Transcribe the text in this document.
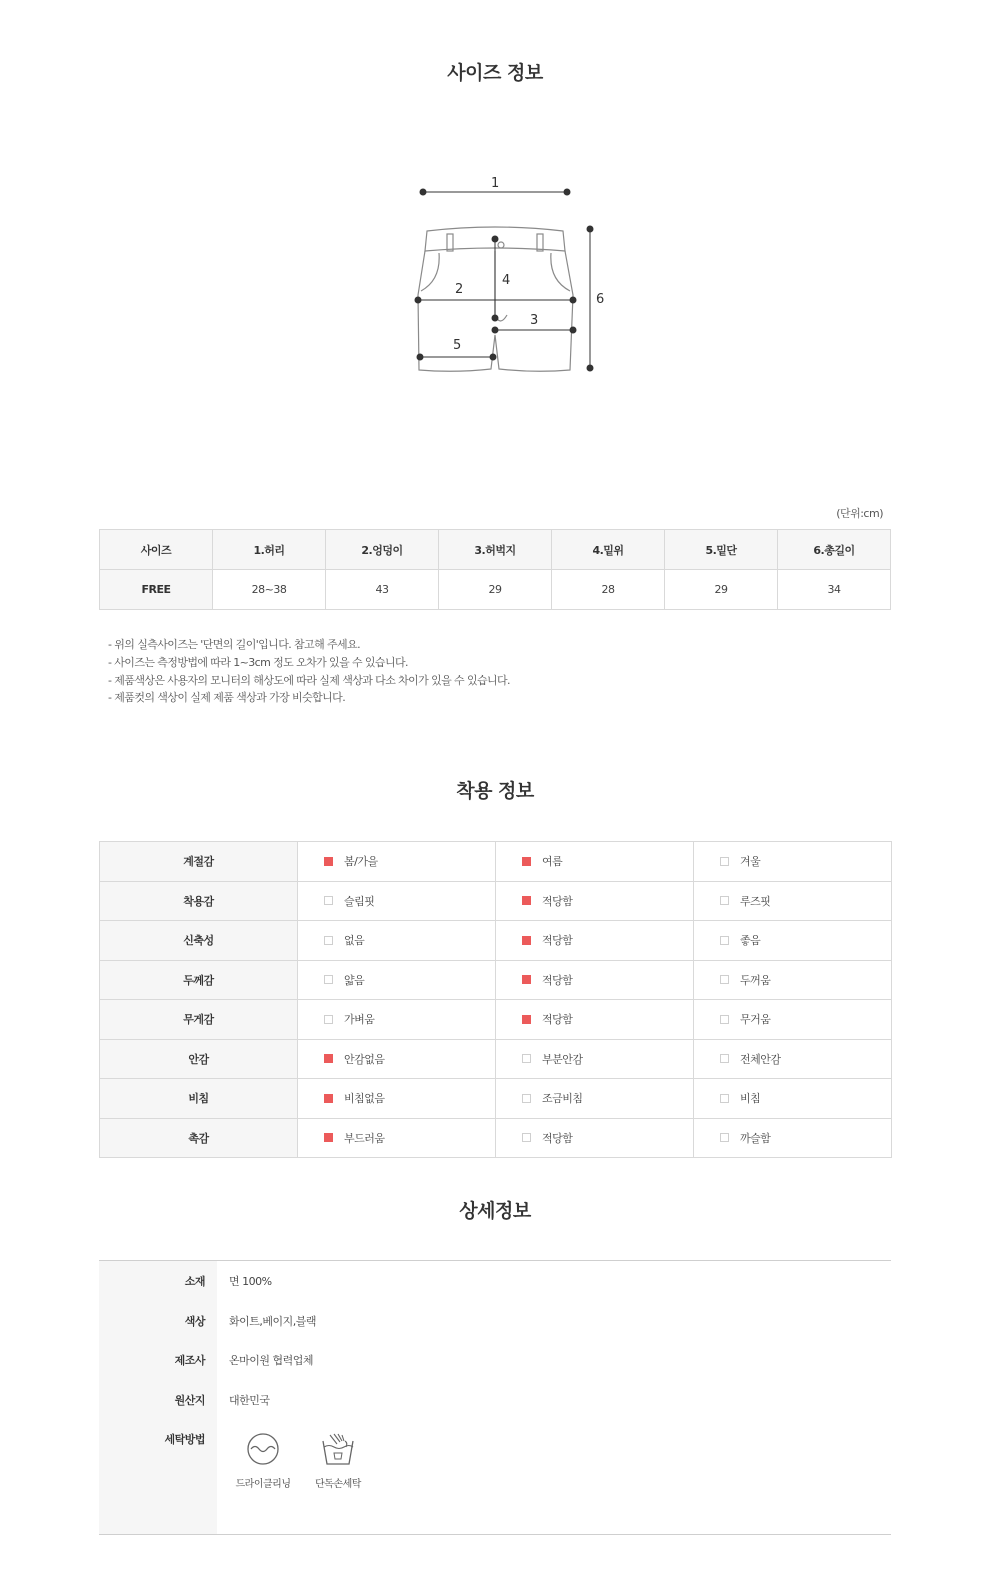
사이즈 정보
1
2
3
4
5
6
(단위:cm)
사이즈	1.허리	2.엉덩이	3.허벅지	4.밑위	5.밑단	6.총길이
FREE	28~38	43	29	28	29	34
- 위의 실측사이즈는 '단면의 길이'입니다. 참고해 주세요.
- 사이즈는 측정방법에 따라 1~3cm 정도 오차가 있을 수 있습니다.
- 제품색상은 사용자의 모니터의 해상도에 따라 실제 색상과 다소 차이가 있을 수 있습니다.
- 제품컷의 색상이 실제 제품 색상과 가장 비슷합니다.
착용 정보
계절감	봄/가을	여름	겨울
착용감	슬림핏	적당함	루즈핏
신축성	없음	적당함	좋음
두께감	얇음	적당함	두꺼움
무게감	가벼움	적당함	무거움
안감	안감없음	부분안감	전체안감
비침	비침없음	조금비침	비침
촉감	부드러움	적당함	까슬함
상세정보
소재 면 100%
색상 화이트,베이지,블랙
제조사 온마이원 협력업체
원산지 대한민국
세탁방법
드라이클리닝	단독손세탁
